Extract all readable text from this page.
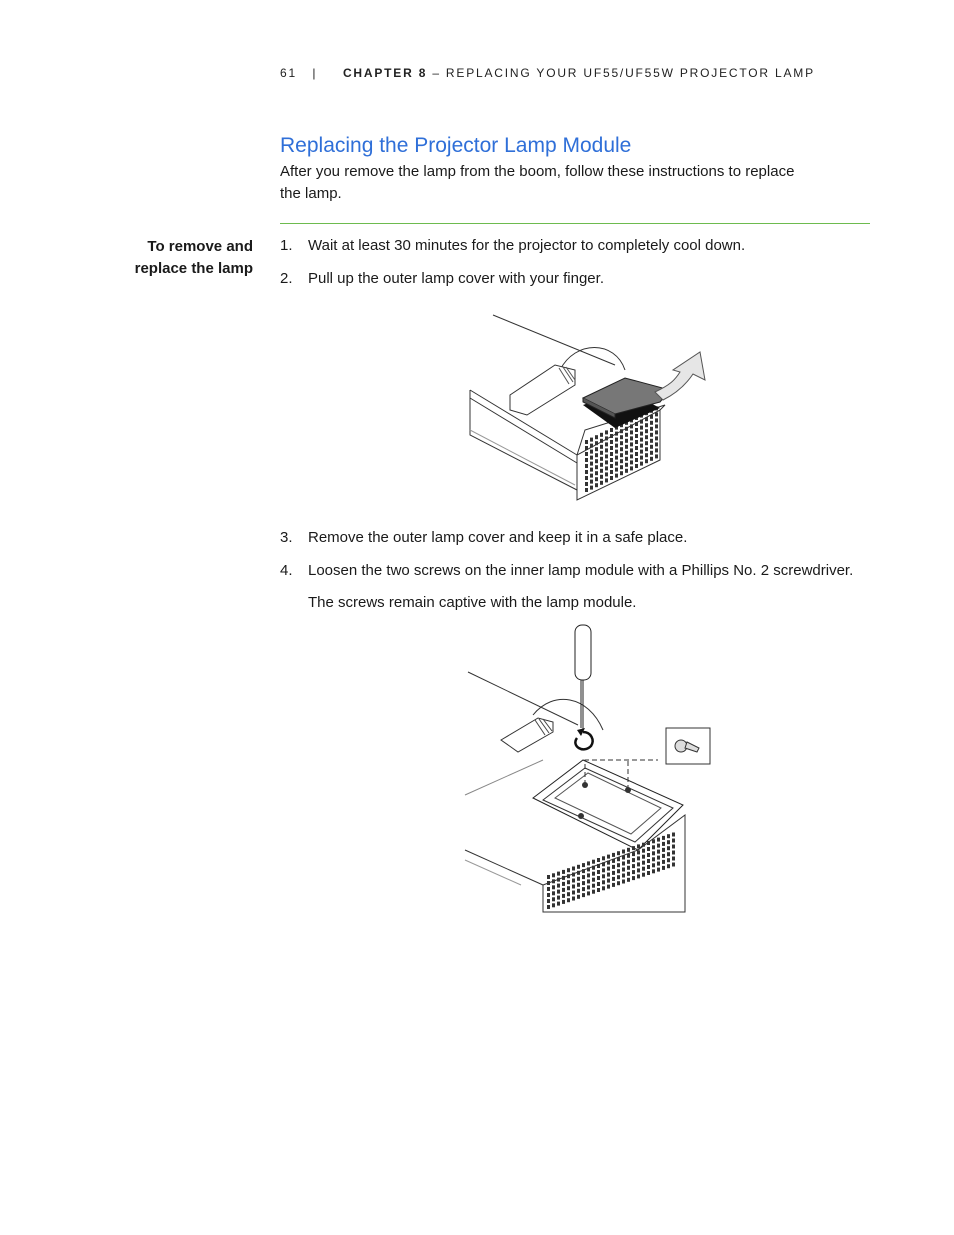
61 | CHAPTER 8 – REPLACING YOUR UF55/UF55W PROJECTOR LAMP
Replacing the Projector Lamp Module
After you remove the lamp from the boom, follow these instructions to replace
the lamp.
To remove and
replace the lamp
1. Wait at least 30 minutes for the projector to completely cool down.
2. Pull up the outer lamp cover with your finger.
3. Remove the outer lamp cover and keep it in a safe place.
4. Loosen the two screws on the inner lamp module with a Phillips No. 2 screwdriver.
The screws remain captive with the lamp module.
